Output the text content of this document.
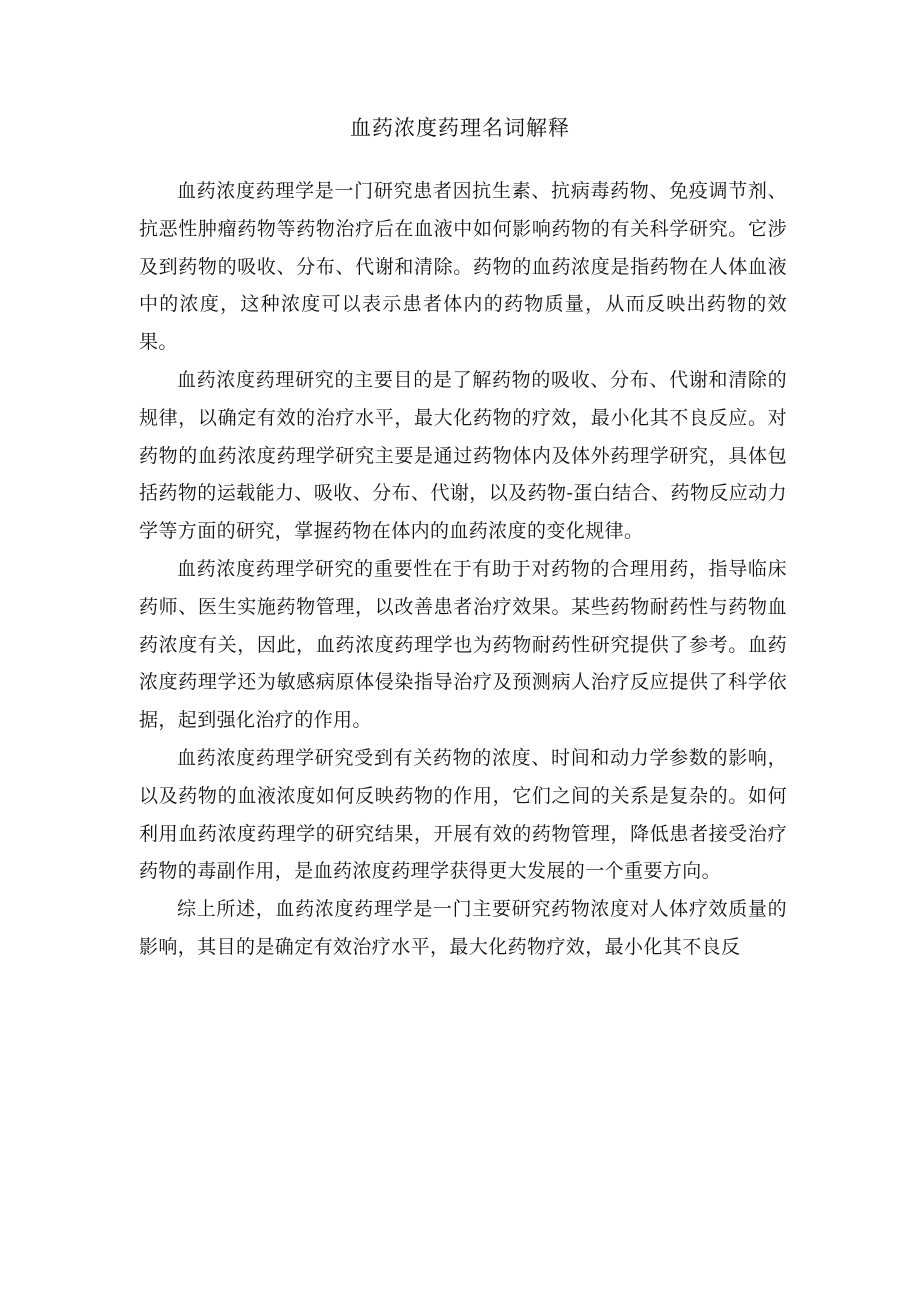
血药浓度药理名词解释

血药浓度药理学是一门研究患者因抗生素、抗病毒药物、免疫调节剂、抗恶性肿瘤药物等药物治疗后在血液中如何影响药物的有关科学研究。它涉及到药物的吸收、分布、代谢和清除。药物的血药浓度是指药物在人体血液中的浓度，这种浓度可以表示患者体内的药物质量，从而反映出药物的效果。

血药浓度药理研究的主要目的是了解药物的吸收、分布、代谢和清除的规律，以确定有效的治疗水平，最大化药物的疗效，最小化其不良反应。对药物的血药浓度药理学研究主要是通过药物体内及体外药理学研究，具体包括药物的运载能力、吸收、分布、代谢，以及药物-蛋白结合、药物反应动力学等方面的研究，掌握药物在体内的血药浓度的变化规律。

血药浓度药理学研究的重要性在于有助于对药物的合理用药，指导临床药师、医生实施药物管理，以改善患者治疗效果。某些药物耐药性与药物血药浓度有关，因此，血药浓度药理学也为药物耐药性研究提供了参考。血药浓度药理学还为敏感病原体侵染指导治疗及预测病人治疗反应提供了科学依据，起到强化治疗的作用。

血药浓度药理学研究受到有关药物的浓度、时间和动力学参数的影响，以及药物的血液浓度如何反映药物的作用，它们之间的关系是复杂的。如何利用血药浓度药理学的研究结果，开展有效的药物管理，降低患者接受治疗药物的毒副作用，是血药浓度药理学获得更大发展的一个重要方向。

综上所述，血药浓度药理学是一门主要研究药物浓度对人体疗效质量的影响，其目的是确定有效治疗水平，最大化药物疗效，最小化其不良反
